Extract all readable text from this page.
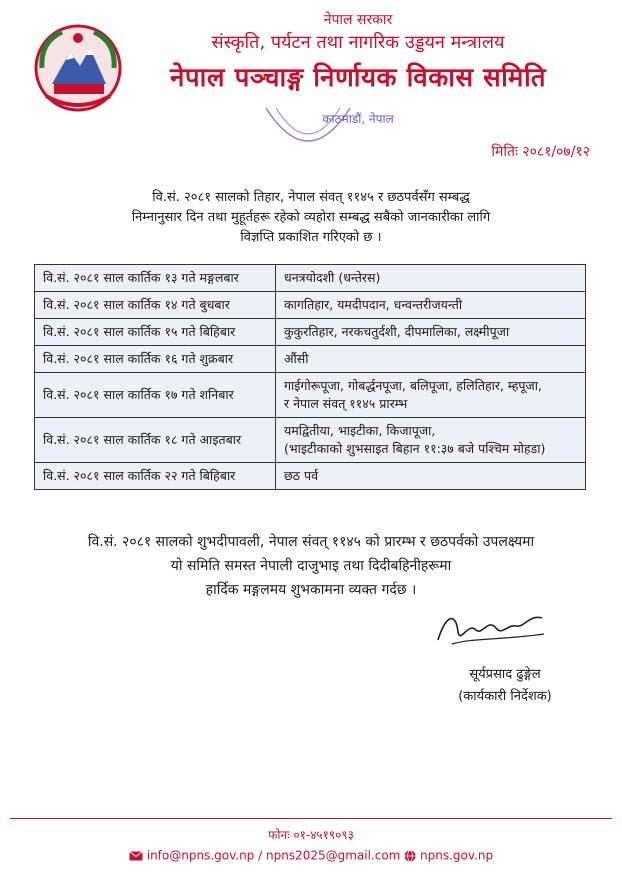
नेपाल सरकार
संस्कृति, पर्यटन तथा नागरिक उड्डयन मन्त्रालय
नेपाल पञ्चाङ्ग निर्णायक विकास समिति
काठमाडौं, नेपाल
मितिः २०८१/०७/१२
वि.सं. २०८१ सालको तिहार, नेपाल संवत् ११४५ र छठपर्वसँग सम्बद्ध
निम्नानुसार दिन तथा मुहूर्तहरू रहेको व्यहोरा सम्बद्ध सबैको जानकारीका लागि
विज्ञप्ति प्रकाशित गरिएको छ ।
वि.सं. २०८१ साल कार्तिक १३ गते मङ्गलबार	धनत्रयोदशी (धन्तेरस)
वि.सं. २०८१ साल कार्तिक १४ गते बुधबार	कागतिहार, यमदीपदान, धन्वन्तरीजयन्ती
वि.सं. २०८१ साल कार्तिक १५ गते बिहिबार	कुकुरतिहार, नरकचतुर्दशी, दीपमालिका, लक्ष्मीपूजा
वि.सं. २०८१ साल कार्तिक १६ गते शुक्रबार	औंसी
वि.सं. २०८१ साल कार्तिक १७ गते शनिबार	गाईगोरूपूजा, गोबर्द्धनपूजा, बलिपूजा, हलितिहार, म्हपूजा,
र नेपाल संवत् ११४५ प्रारम्भ

वि.सं. २०८१ साल कार्तिक १८ गते आइतबार	यमद्वितीया, भाइटीका, किजापूजा,
(भाइटीकाको शुभसाइत बिहान ११:३७ बजे पश्चिम मोहडा)

वि.सं. २०८१ साल कार्तिक २२ गते बिहिबार	छठ पर्व
वि.सं. २०८१ सालको शुभदीपावली, नेपाल संवत् ११४५ को प्रारम्भ र छठपर्वको उपलक्ष्यमा
यो समिति समस्त नेपाली दाजुभाइ तथा दिदीबहिनीहरूमा
हार्दिक मङ्गलमय शुभकामना व्यक्त गर्दछ ।
सूर्यप्रसाद ढुङ्गेल
(कार्यकारी निर्देशक)
फोनः ०१-४५१९०९३
info@npns.gov.np / npns2025@gmail.com npns.gov.np
